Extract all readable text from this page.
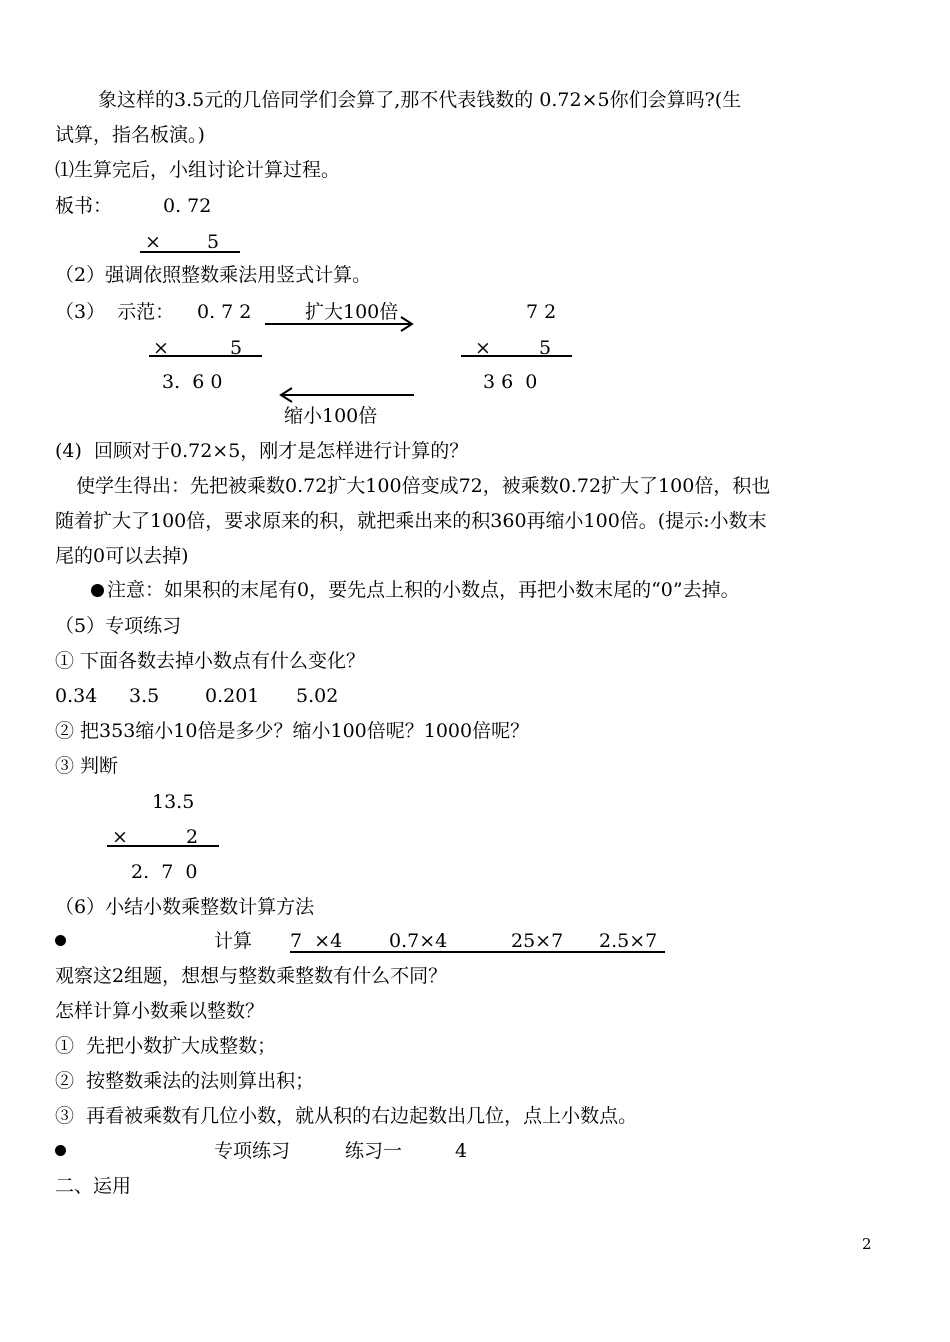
象这样的3.5元的几倍同学们会算了,那不代表钱数的 0.72×5你们会算吗?(生
试算，指名板演。)
⑴生算完后，小组讨论计算过程。
板书：	0. 72
× 5
（2）强调依照整数乘法用竖式计算。
（3）  示范： 0. 7 2	扩大100倍	7 2
×	5	×	5
3.  6 0	3 6  0
缩小100倍
(4)  回顾对于0.72×5，刚才是怎样进行计算的？
使学生得出：先把被乘数0.72扩大100倍变成72，被乘数0.72扩大了100倍，积也
随着扩大了100倍，要求原来的积，就把乘出来的积360再缩小100倍。(提示:小数末
尾的0可以去掉)
注意：如果积的末尾有0，要先点上积的小数点，再把小数末尾的“0”去掉。
（5）专项练习
① 下面各数去掉小数点有什么变化？
0.34 3.5 0.201 5.02
② 把353缩小10倍是多少？缩小100倍呢？1000倍呢？
③ 判断
13.5
×	2
2.  7  0
（6）小结小数乘整数计算方法
计算 7  ×4 0.7×4	25×7 2.5×7
观察这2组题，想想与整数乘整数有什么不同？
怎样计算小数乘以整数？
①  先把小数扩大成整数；
②  按整数乘法的法则算出积；
③  再看被乘数有几位小数，就从积的右边起数出几位，点上小数点。
专项练习	练习一	4
二、运用
2
